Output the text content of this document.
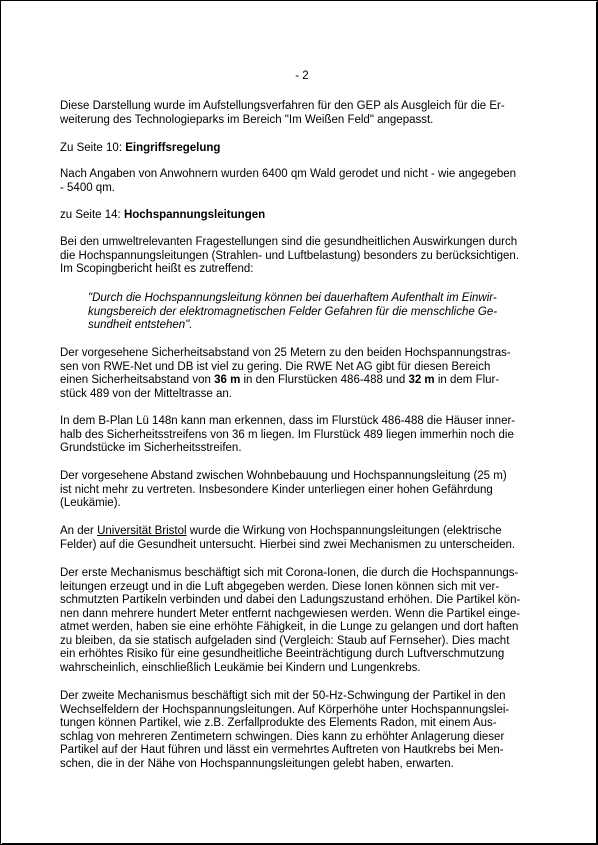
- 2
Diese Darstellung wurde im Aufstellungsverfahren für den GEP als Ausgleich für die Er-
weiterung des Technologieparks im Bereich "Im Weißen Feld" angepasst.
Zu Seite 10: Eingriffsregelung
Nach Angaben von Anwohnern wurden 6400 qm Wald gerodet und nicht - wie angegeben
- 5400 qm.
zu Seite 14: Hochspannungsleitungen
Bei den umweltrelevanten Fragestellungen sind die gesundheitlichen Auswirkungen durch
die Hochspannungsleitungen (Strahlen- und Luftbelastung) besonders zu berücksichtigen.
Im Scopingbericht heißt es zutreffend:
"Durch die Hochspannungsleitung können bei dauerhaftem Aufenthalt im Einwir-
kungsbereich der elektromagnetischen Felder Gefahren für die menschliche Ge-
sundheit entstehen".
Der vorgesehene Sicherheitsabstand von 25 Metern zu den beiden Hochspannungstras-
sen von RWE-Net und DB ist viel zu gering. Die RWE Net AG gibt für diesen Bereich
einen Sicherheitsabstand von 36 m in den Flurstücken 486-488 und 32 m in dem Flur-
stück 489 von der Mitteltrasse an.
In dem B-Plan Lü 148n kann man erkennen, dass im Flurstück 486-488 die Häuser inner-
halb des Sicherheitsstreifens von 36 m liegen. Im Flurstück 489 liegen immerhin noch die
Grundstücke im Sicherheitsstreifen.
Der vorgesehene Abstand zwischen Wohnbebauung und Hochspannungsleitung (25 m)
ist nicht mehr zu vertreten. Insbesondere Kinder unterliegen einer hohen Gefährdung
(Leukämie).
An der Universität Bristol wurde die Wirkung von Hochspannungsleitungen (elektrische
Felder) auf die Gesundheit untersucht. Hierbei sind zwei Mechanismen zu unterscheiden.
Der erste Mechanismus beschäftigt sich mit Corona-Ionen, die durch die Hochspannungs-
leitungen erzeugt und in die Luft abgegeben werden. Diese Ionen können sich mit ver-
schmutzten Partikeln verbinden und dabei den Ladungszustand erhöhen. Die Partikel kön-
nen dann mehrere hundert Meter entfernt nachgewiesen werden. Wenn die Partikel einge-
atmet werden, haben sie eine erhöhte Fähigkeit, in die Lunge zu gelangen und dort haften
zu bleiben, da sie statisch aufgeladen sind (Vergleich: Staub auf Fernseher). Dies macht
ein erhöhtes Risiko für eine gesundheitliche Beeinträchtigung durch Luftverschmutzung
wahrscheinlich, einschließlich Leukämie bei Kindern und Lungenkrebs.
Der zweite Mechanismus beschäftigt sich mit der 50-Hz-Schwingung der Partikel in den
Wechselfeldern der Hochspannungsleitungen. Auf Körperhöhe unter Hochspannungslei-
tungen können Partikel, wie z.B. Zerfallprodukte des Elements Radon, mit einem Aus-
schlag von mehreren Zentimetern schwingen. Dies kann zu erhöhter Anlagerung dieser
Partikel auf der Haut führen und lässt ein vermehrtes Auftreten von Hautkrebs bei Men-
schen, die in der Nähe von Hochspannungsleitungen gelebt haben, erwarten.
